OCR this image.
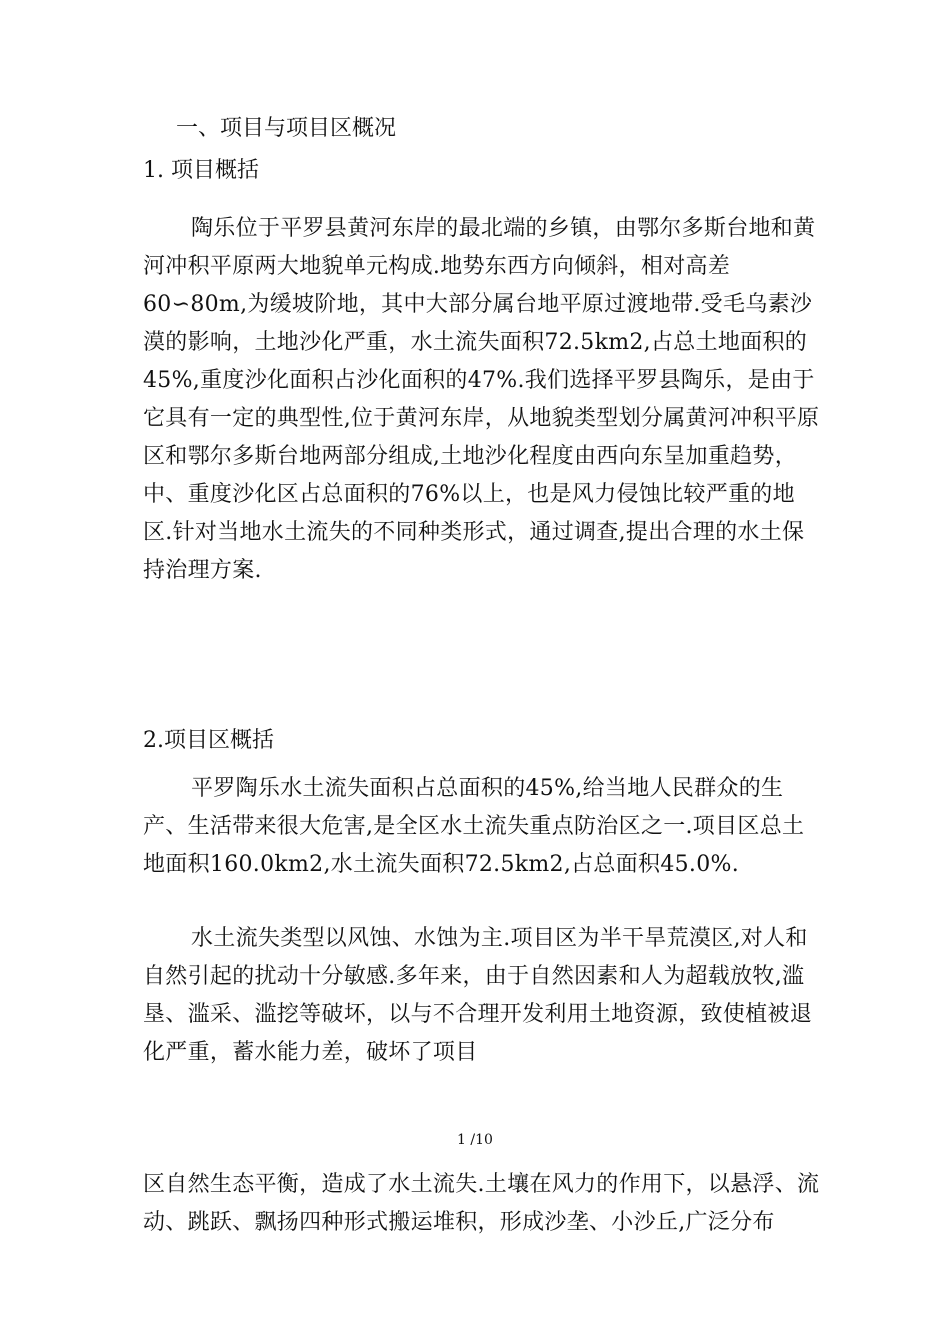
一、项目与项目区概况

1. 项目概括

陶乐位于平罗县黄河东岸的最北端的乡镇，由鄂尔多斯台地和黄河冲积平原两大地貌单元构成.地势东西方向倾斜，相对高差60∽80m,为缓坡阶地，其中大部分属台地平原过渡地带.受毛乌素沙漠的影响，土地沙化严重，水土流失面积72.5km2,占总土地面积的45%,重度沙化面积占沙化面积的47%.我们选择平罗县陶乐，是由于它具有一定的典型性,位于黄河东岸，从地貌类型划分属黄河冲积平原区和鄂尔多斯台地两部分组成,土地沙化程度由西向东呈加重趋势，中、重度沙化区占总面积的76%以上，也是风力侵蚀比较严重的地区.针对当地水土流失的不同种类形式，通过调查,提出合理的水土保持治理方案.

2.项目区概括

平罗陶乐水土流失面积占总面积的45%,给当地人民群众的生产、生活带来很大危害,是全区水土流失重点防治区之一.项目区总土地面积160.0km2,水土流失面积72.5km2,占总面积45.0%.

水土流失类型以风蚀、水蚀为主.项目区为半干旱荒漠区,对人和自然引起的扰动十分敏感.多年来，由于自然因素和人为超载放牧,滥垦、滥采、滥挖等破坏，以与不合理开发利用土地资源，致使植被退化严重，蓄水能力差，破坏了项目

1 /10

区自然生态平衡，造成了水土流失.土壤在风力的作用下，以悬浮、流动、跳跃、飘扬四种形式搬运堆积，形成沙垄、小沙丘,广泛分布
